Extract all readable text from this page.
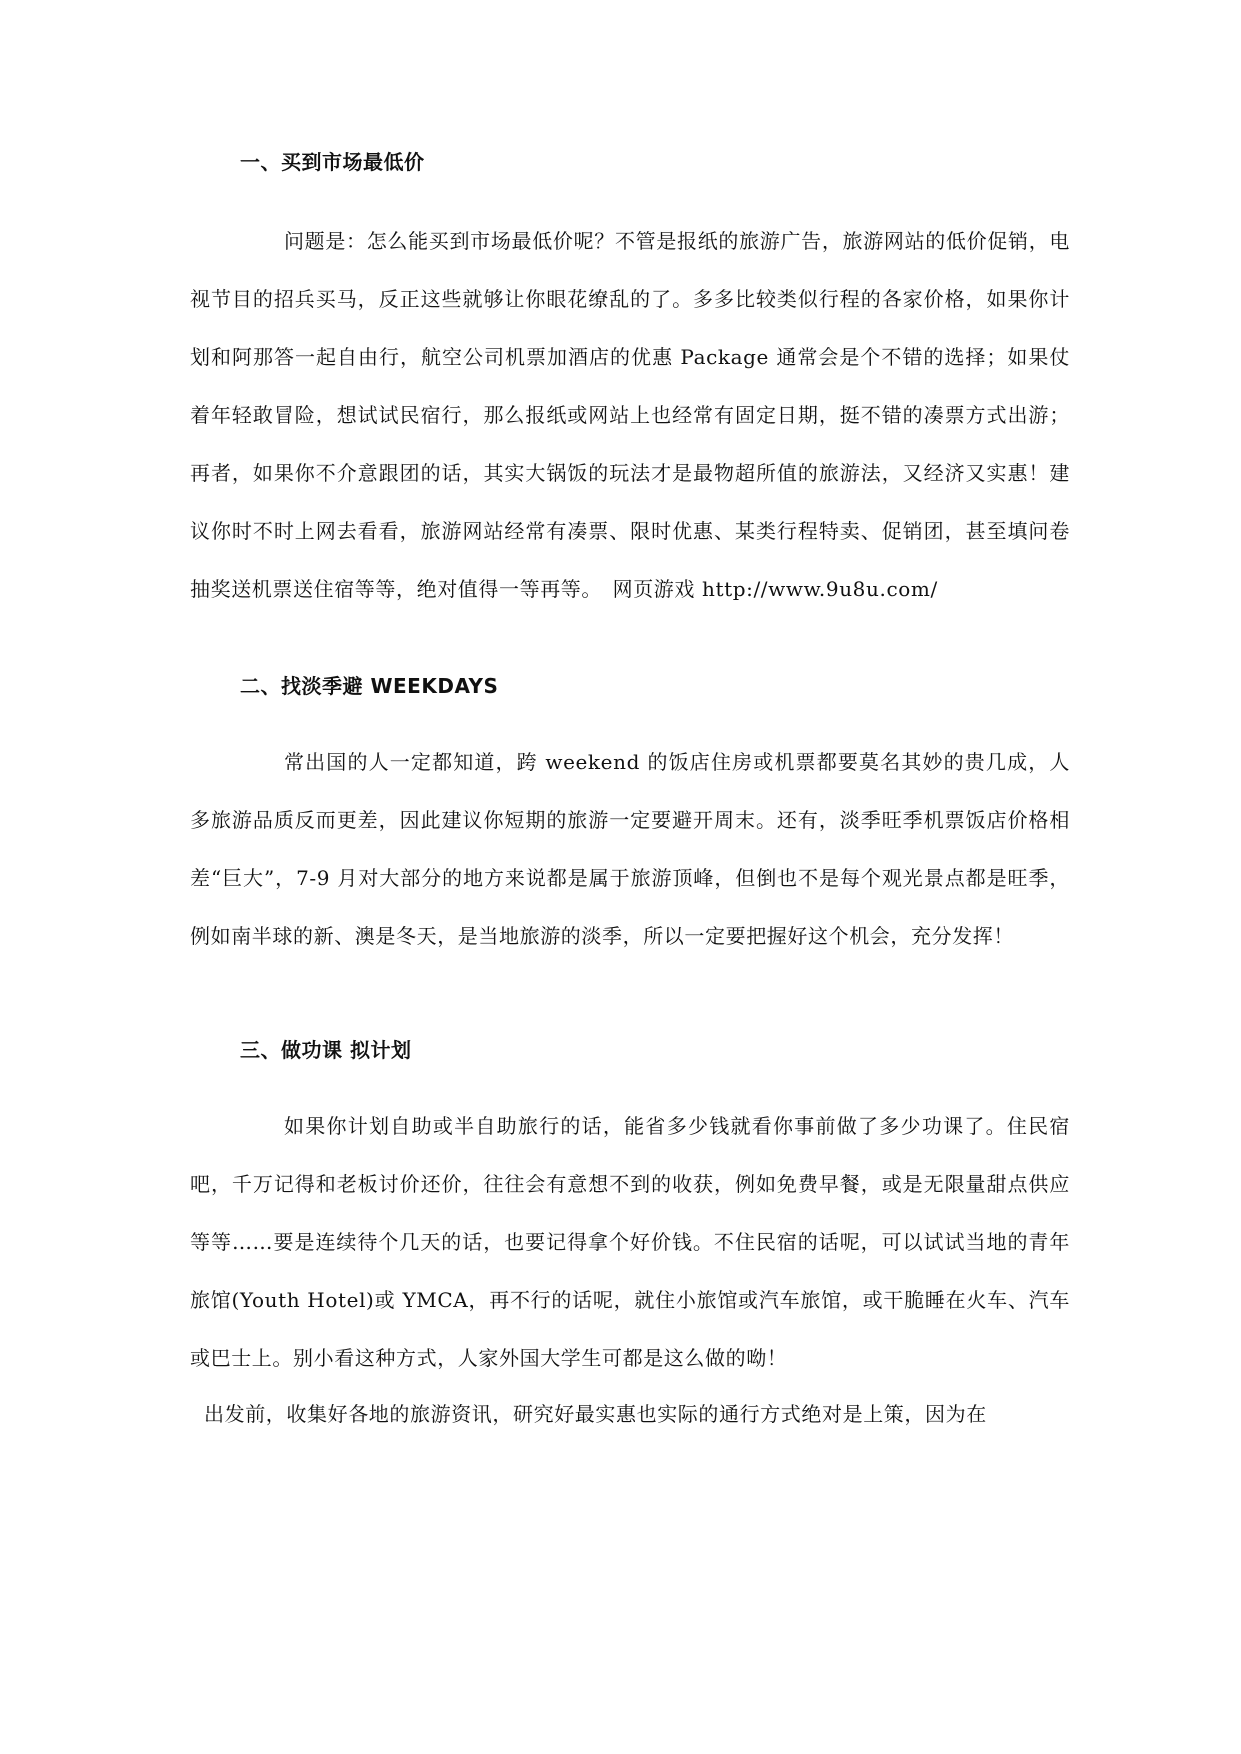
一、买到市场最低价
问题是：怎么能买到市场最低价呢？不管是报纸的旅游广告，旅游网站的低价促销，电视节目的招兵买马，反正这些就够让你眼花缭乱的了。多多比较类似行程的各家价格，如果你计划和阿那答一起自由行，航空公司机票加酒店的优惠 Package 通常会是个不错的选择；如果仗着年轻敢冒险，想试试民宿行，那么报纸或网站上也经常有固定日期，挺不错的凑票方式出游；再者，如果你不介意跟团的话，其实大锅饭的玩法才是最物超所值的旅游法，又经济又实惠！建议你时不时上网去看看，旅游网站经常有凑票、限时优惠、某类行程特卖、促销团，甚至填问卷抽奖送机票送住宿等等，绝对值得一等再等。　网页游戏 http://www.9u8u.com/
二、找淡季避 WEEKDAYS
常出国的人一定都知道，跨 weekend 的饭店住房或机票都要莫名其妙的贵几成，人多旅游品质反而更差，因此建议你短期的旅游一定要避开周末。还有，淡季旺季机票饭店价格相差“巨大”，7-9 月对大部分的地方来说都是属于旅游顶峰，但倒也不是每个观光景点都是旺季，例如南半球的新、澳是冬天，是当地旅游的淡季，所以一定要把握好这个机会，充分发挥！
三、做功课 拟计划
如果你计划自助或半自助旅行的话，能省多少钱就看你事前做了多少功课了。住民宿吧，千万记得和老板讨价还价，往往会有意想不到的收获，例如免费早餐，或是无限量甜点供应等等……要是连续待个几天的话，也要记得拿个好价钱。不住民宿的话呢，可以试试当地的青年旅馆(Youth Hotel)或 YMCA，再不行的话呢，就住小旅馆或汽车旅馆，或干脆睡在火车、汽车或巴士上。别小看这种方式，人家外国大学生可都是这么做的呦！
出发前，收集好各地的旅游资讯，研究好最实惠也实际的通行方式绝对是上策，因为在
